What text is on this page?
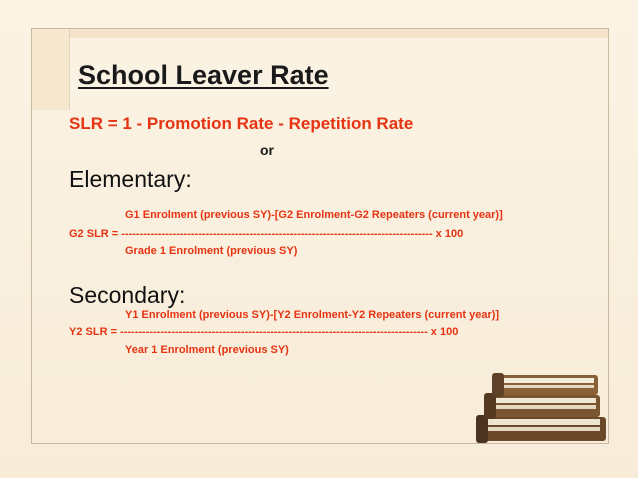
School Leaver Rate
SLR = 1 - Promotion Rate - Repetition Rate
or
Elementary:
G1 Enrolment (previous SY)-[G2 Enrolment-G2 Repeaters (current year)]
G2 SLR = ------------------------------------------------------------------------------------- x 100
Grade 1 Enrolment (previous SY)
Secondary:
Y1 Enrolment (previous SY)-[Y2 Enrolment-Y2 Repeaters (current year)]
Y2 SLR = ------------------------------------------------------------------------------------ x 100
Year 1 Enrolment (previous SY)
